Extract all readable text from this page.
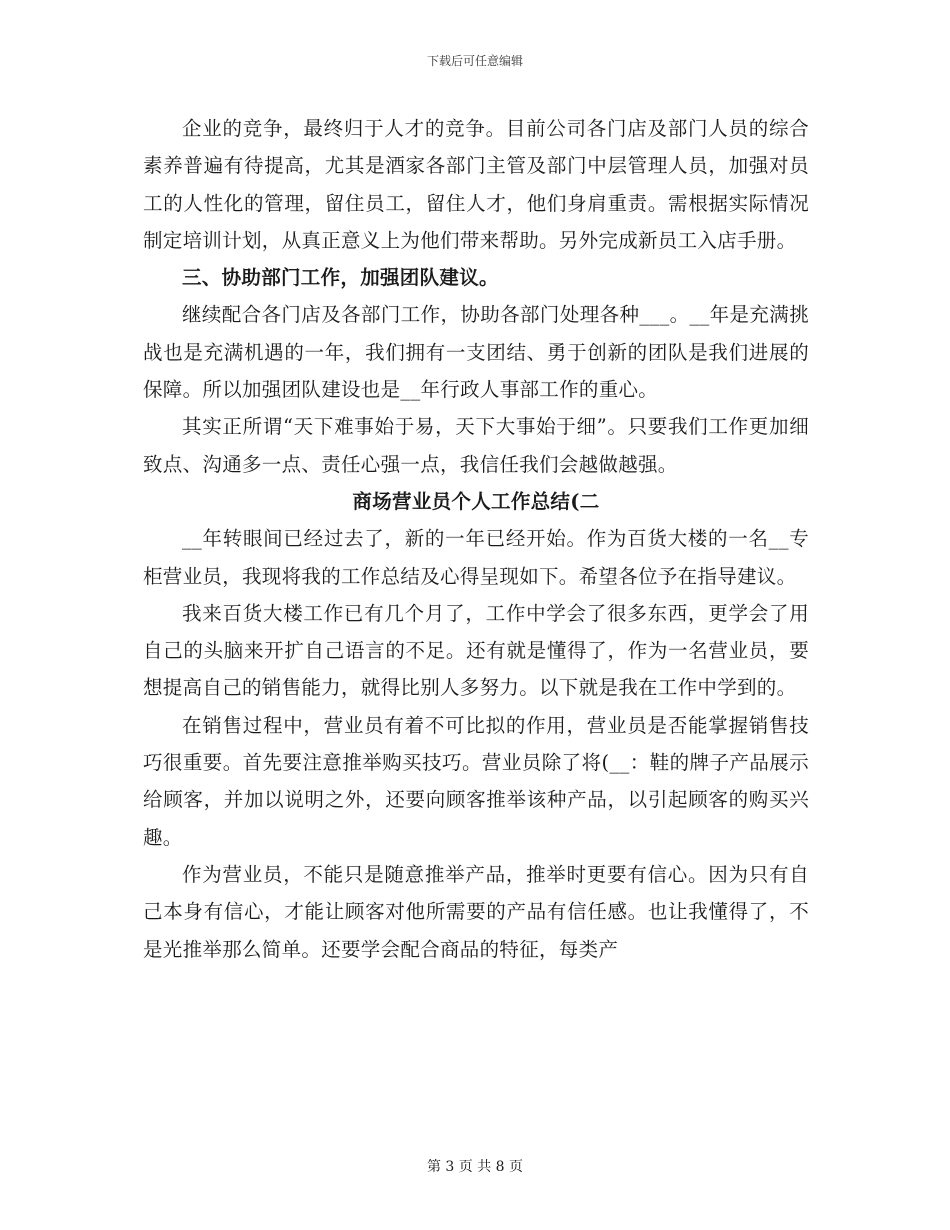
下载后可任意编辑

企业的竞争，最终归于人才的竞争。目前公司各门店及部门人员的综合素养普遍有待提高，尤其是酒家各部门主管及部门中层管理人员，加强对员工的人性化的管理，留住员工，留住人才，他们身肩重责。需根据实际情况制定培训计划，从真正意义上为他们带来帮助。另外完成新员工入店手册。

三、协助部门工作，加强团队建议。

继续配合各门店及各部门工作，协助各部门处理各种___。__年是充满挑战也是充满机遇的一年，我们拥有一支团结、勇于创新的团队是我们进展的保障。所以加强团队建设也是__年行政人事部工作的重心。

其实正所谓“天下难事始于易，天下大事始于细”。只要我们工作更加细致点、沟通多一点、责任心强一点，我信任我们会越做越强。

商场营业员个人工作总结(二

__年转眼间已经过去了，新的一年已经开始。作为百货大楼的一名__专柜营业员，我现将我的工作总结及心得呈现如下。希望各位予在指导建议。

我来百货大楼工作已有几个月了，工作中学会了很多东西，更学会了用自己的头脑来开扩自己语言的不足。还有就是懂得了，作为一名营业员，要想提高自己的销售能力，就得比别人多努力。以下就是我在工作中学到的。

在销售过程中，营业员有着不可比拟的作用，营业员是否能掌握销售技巧很重要。首先要注意推举购买技巧。营业员除了将(__：鞋的牌子产品展示给顾客，并加以说明之外，还要向顾客推举该种产品，以引起顾客的购买兴趣。

作为营业员，不能只是随意推举产品，推举时更要有信心。因为只有自己本身有信心，才能让顾客对他所需要的产品有信任感。也让我懂得了，不是光推举那么简单。还要学会配合商品的特征，每类产

第 3 页 共 8 页
